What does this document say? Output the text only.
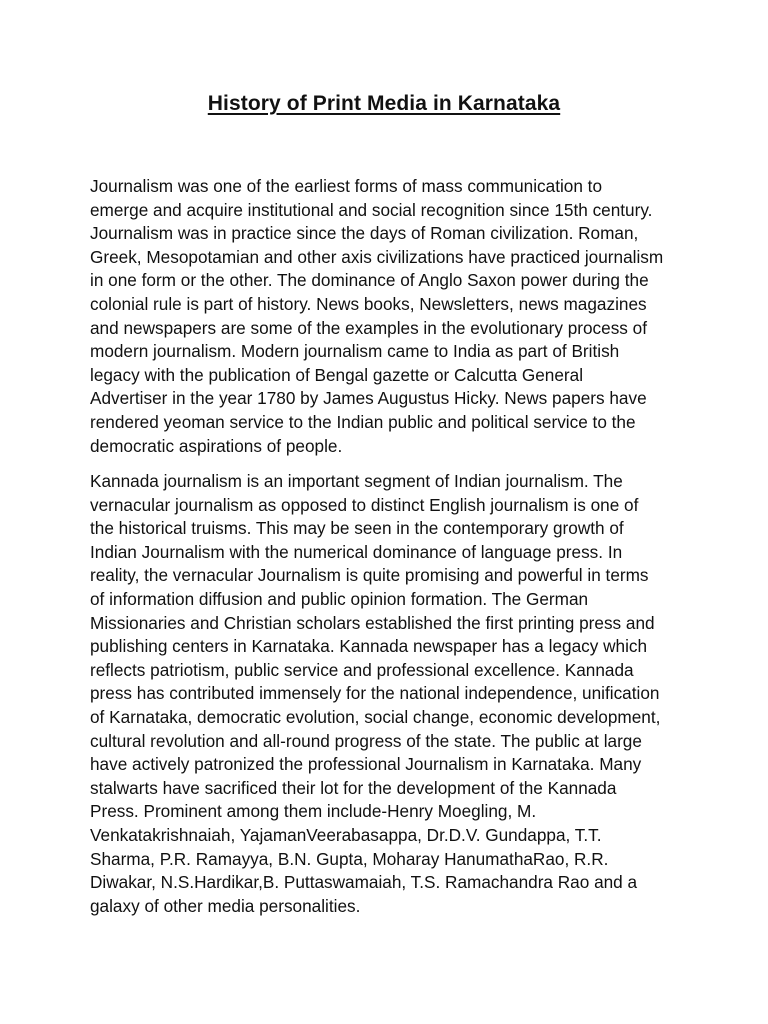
History of Print Media in Karnataka

Journalism was one of the earliest forms of mass communication to
emerge and acquire institutional and social recognition since 15th century.
Journalism was in practice since the days of Roman civilization. Roman,
Greek, Mesopotamian and other axis civilizations have practiced journalism
in one form or the other. The dominance of Anglo Saxon power during the
colonial rule is part of history. News books, Newsletters, news magazines
and newspapers are some of the examples in the evolutionary process of
modern journalism. Modern journalism came to India as part of British
legacy with the publication of Bengal gazette or Calcutta General
Advertiser in the year 1780 by James Augustus Hicky. News papers have
rendered yeoman service to the Indian public and political service to the
democratic aspirations of people.

Kannada journalism is an important segment of Indian journalism. The
vernacular journalism as opposed to distinct English journalism is one of
the historical truisms. This may be seen in the contemporary growth of
Indian Journalism with the numerical dominance of language press. In
reality, the vernacular Journalism is quite promising and powerful in terms
of information diffusion and public opinion formation. The German
Missionaries and Christian scholars established the first printing press and
publishing centers in Karnataka. Kannada newspaper has a legacy which
reflects patriotism, public service and professional excellence. Kannada
press has contributed immensely for the national independence, unification
of Karnataka, democratic evolution, social change, economic development,
cultural revolution and all-round progress of the state. The public at large
have actively patronized the professional Journalism in Karnataka. Many
stalwarts have sacrificed their lot for the development of the Kannada
Press. Prominent among them include-Henry Moegling, M.
Venkatakrishnaiah, YajamanVeerabasappa, Dr.D.V. Gundappa, T.T.
Sharma, P.R. Ramayya, B.N. Gupta, Moharay HanumathaRao, R.R.
Diwakar, N.S.Hardikar,B. Puttaswamaiah, T.S. Ramachandra Rao and a
galaxy of other media personalities.
